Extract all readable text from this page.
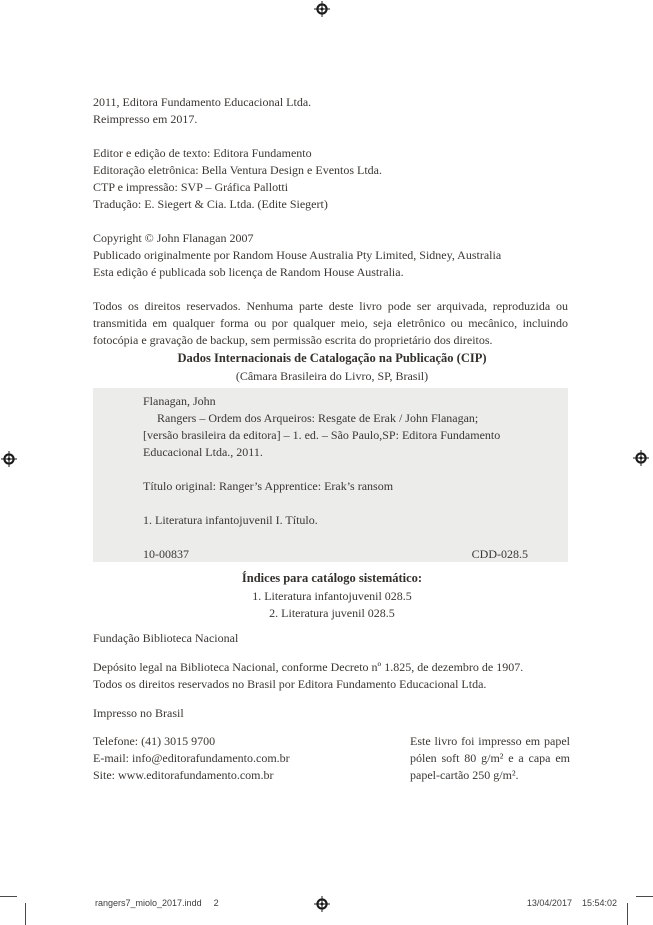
2011, Editora Fundamento Educacional Ltda.
Reimpresso em 2017.
Editor e edição de texto: Editora Fundamento
Editoração eletrônica: Bella Ventura Design e Eventos Ltda.
CTP e impressão: SVP – Gráfica Pallotti
Tradução: E. Siegert & Cia. Ltda. (Edite Siegert)
Copyright © John Flanagan 2007
Publicado originalmente por Random House Australia Pty Limited, Sidney, Australia
Esta edição é publicada sob licença de Random House Australia.
Todos os direitos reservados. Nenhuma parte deste livro pode ser arquivada, reproduzida ou transmitida em qualquer forma ou por qualquer meio, seja eletrônico ou mecânico, incluindo fotocópia e gravação de backup, sem permissão escrita do proprietário dos direitos.
Dados Internacionais de Catalogação na Publicação (CIP)
(Câmara Brasileira do Livro, SP, Brasil)
Flanagan, John
Rangers – Ordem dos Arqueiros: Resgate de Erak / John Flanagan;
[versão brasileira da editora] – 1. ed. – São Paulo,SP: Editora Fundamento
Educacional Ltda., 2011.
Título original: Ranger’s Apprentice: Erak’s ransom
1. Literatura infantojuvenil I. Título.
10-00837	CDD-028.5
Índices para catálogo sistemático:
1. Literatura infantojuvenil 028.5
2. Literatura juvenil 028.5
Fundação Biblioteca Nacional
Depósito legal na Biblioteca Nacional, conforme Decreto nº 1.825, de dezembro de 1907.
Todos os direitos reservados no Brasil por Editora Fundamento Educacional Ltda.
Impresso no Brasil
Telefone: (41) 3015 9700
E-mail: info@editorafundamento.com.br
Site: www.editorafundamento.com.br
Este livro foi impresso em papel pólen soft 80 g/m² e a capa em papel-cartão 250 g/m².
rangers7_miolo_2017.indd 2	13/04/2017 15:54:02
